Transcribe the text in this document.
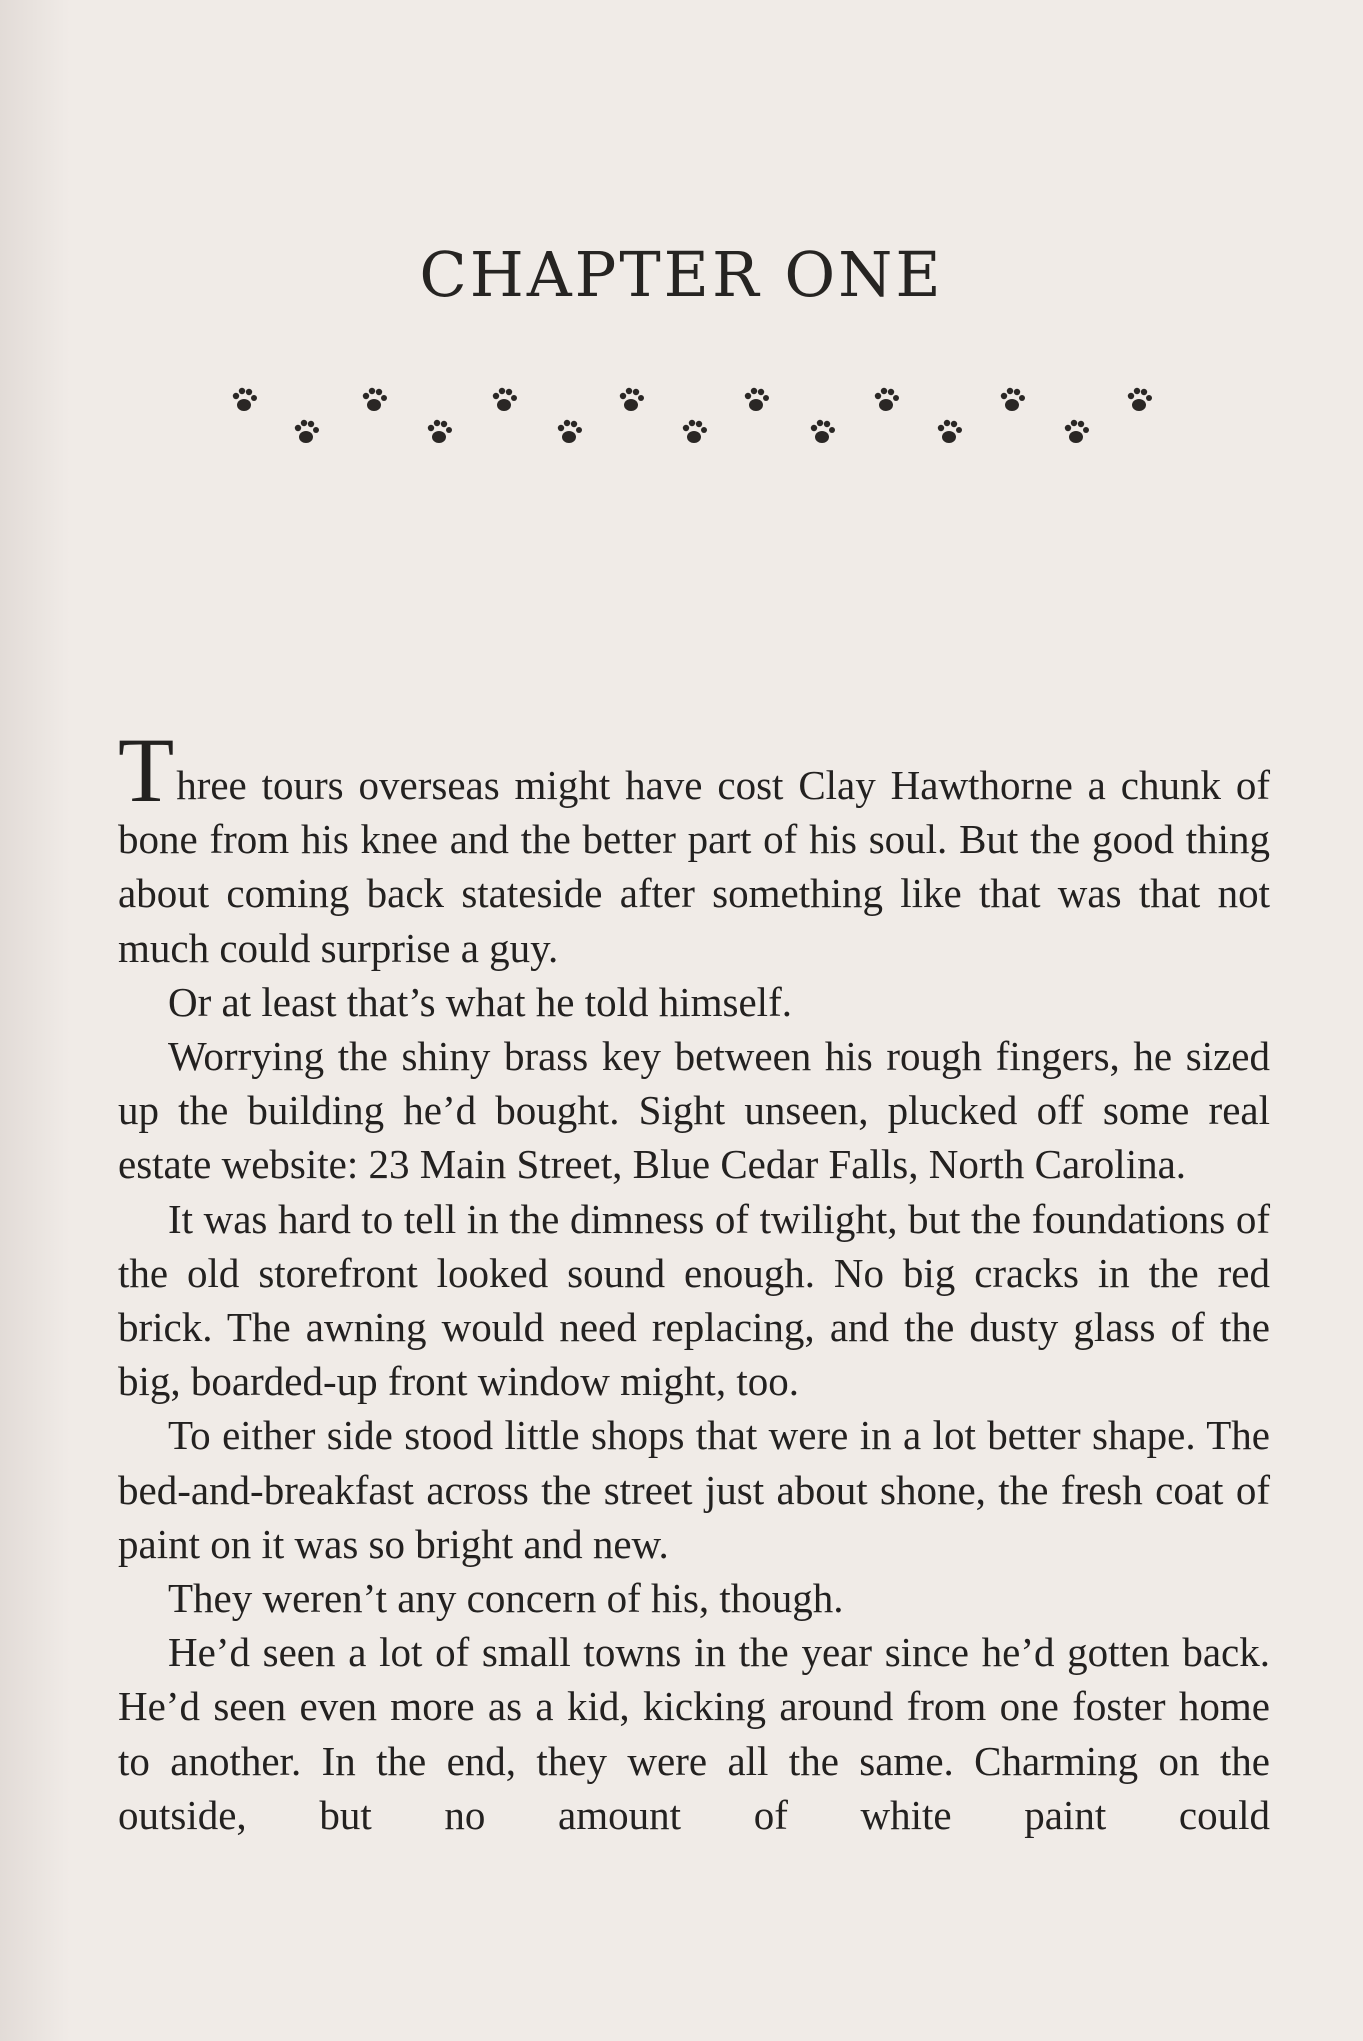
CHAPTER ONE

Three tours overseas might have cost Clay Hawthorne a chunk of bone from his knee and the better part of his soul. But the good thing about coming back stateside after something like that was that not much could surprise a guy.

Or at least that’s what he told himself.

Worrying the shiny brass key between his rough fingers, he sized up the building he’d bought. Sight unseen, plucked off some real estate website: 23 Main Street, Blue Cedar Falls, North Carolina.

It was hard to tell in the dimness of twilight, but the foundations of the old storefront looked sound enough. No big cracks in the red brick. The awning would need replacing, and the dusty glass of the big, boarded-up front window might, too.

To either side stood little shops that were in a lot better shape. The bed-and-breakfast across the street just about shone, the fresh coat of paint on it was so bright and new.

They weren’t any concern of his, though.

He’d seen a lot of small towns in the year since he’d gotten back. He’d seen even more as a kid, kicking around from one foster home to another. In the end, they were all the same. Charming on the outside, but no amount of white paint could
